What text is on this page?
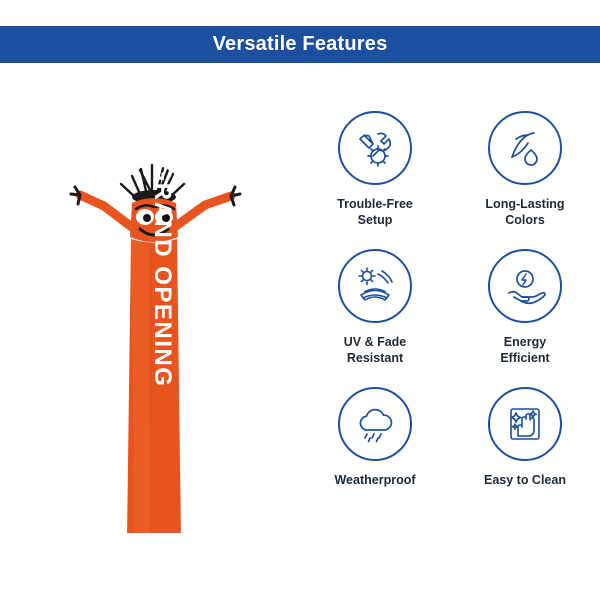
Versatile Features
GRAND OPENING	Trouble-Free
Setup
Long-Lasting
Colors
UV & Fade
Resistant
Energy
Efficient
Weatherproof	Easy to Clean
